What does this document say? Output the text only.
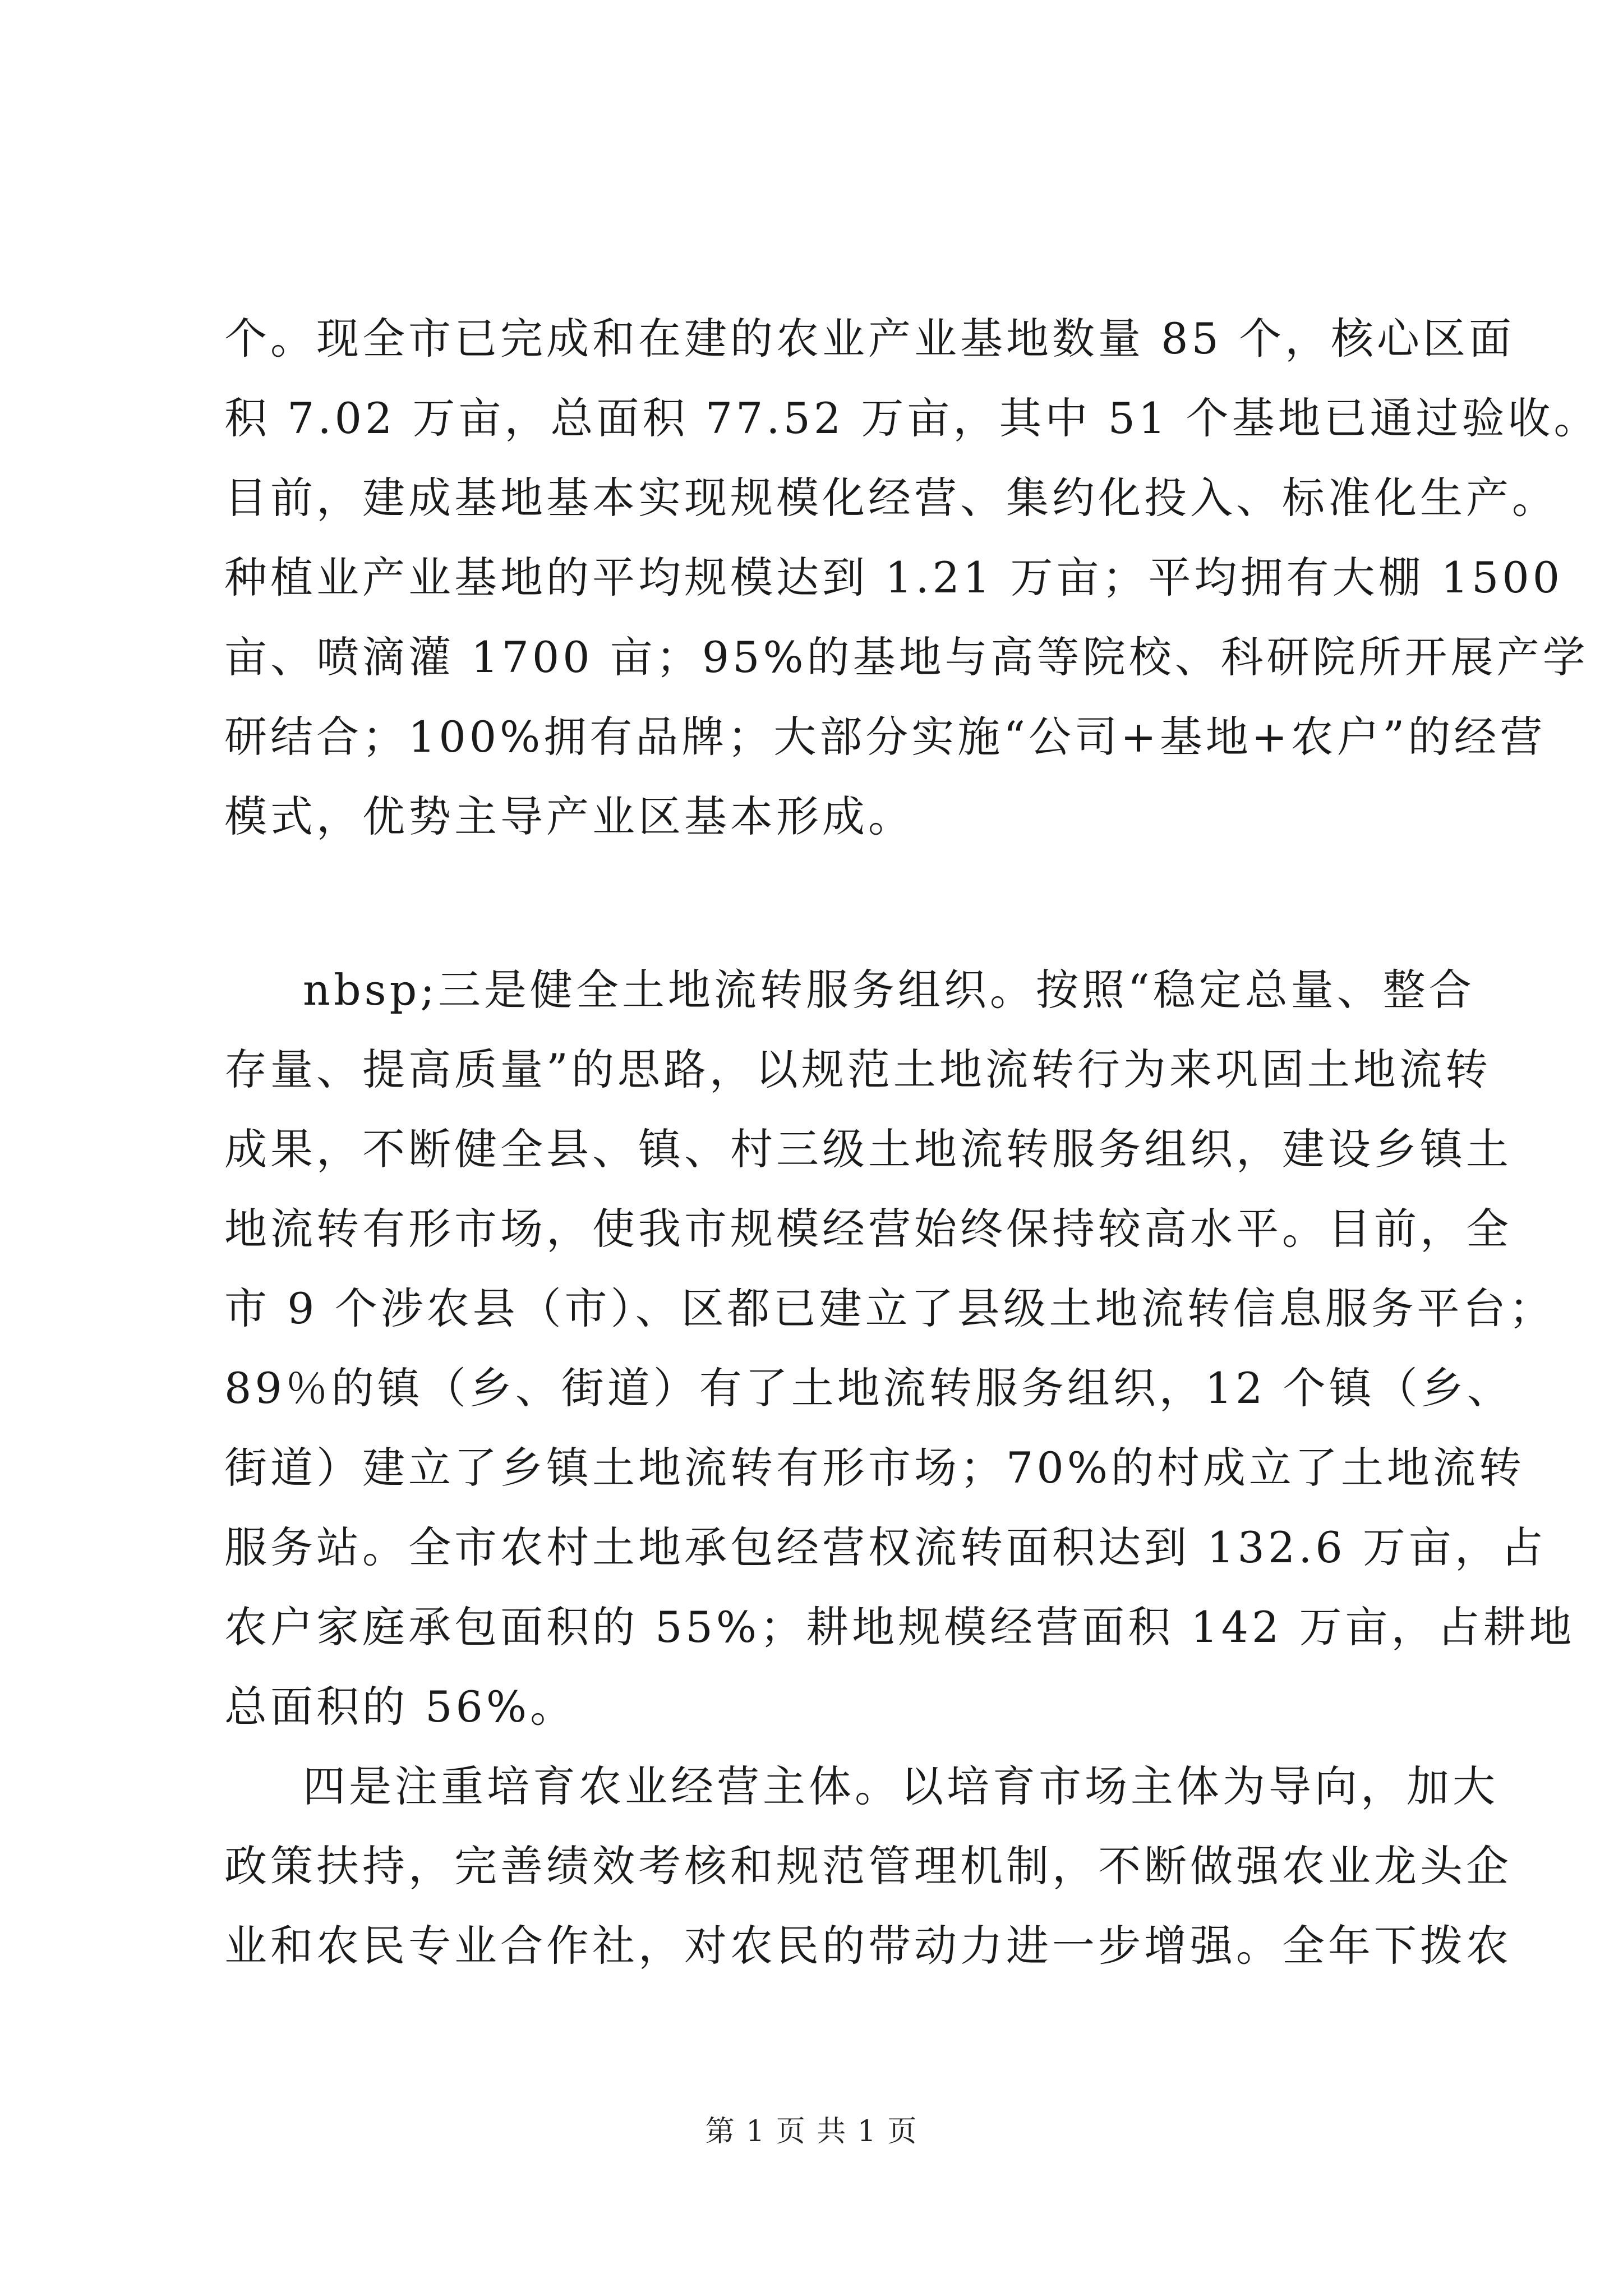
个。现全市已完成和在建的农业产业基地数量 85 个，核心区面
积 7.02 万亩，总面积 77.52 万亩，其中 51 个基地已通过验收。
目前，建成基地基本实现规模化经营、集约化投入、标准化生产。
种植业产业基地的平均规模达到 1.21 万亩；平均拥有大棚 1500
亩、喷滴灌 1700 亩；95%的基地与高等院校、科研院所开展产学
研结合；100%拥有品牌；大部分实施“公司+基地+农户”的经营
模式，优势主导产业区基本形成。
nbsp;三是健全土地流转服务组织。按照“稳定总量、整合
存量、提高质量”的思路，以规范土地流转行为来巩固土地流转
成果，不断健全县、镇、村三级土地流转服务组织，建设乡镇土
地流转有形市场，使我市规模经营始终保持较高水平。目前，全
市 9 个涉农县（市）、区都已建立了县级土地流转信息服务平台；
89％的镇（乡、街道）有了土地流转服务组织，12 个镇（乡、
街道）建立了乡镇土地流转有形市场；70%的村成立了土地流转
服务站。全市农村土地承包经营权流转面积达到 132.6 万亩，占
农户家庭承包面积的 55%；耕地规模经营面积 142 万亩，占耕地
总面积的 56%。
四是注重培育农业经营主体。以培育市场主体为导向，加大
政策扶持，完善绩效考核和规范管理机制，不断做强农业龙头企
业和农民专业合作社，对农民的带动力进一步增强。全年下拨农
第 1 页 共 1 页
